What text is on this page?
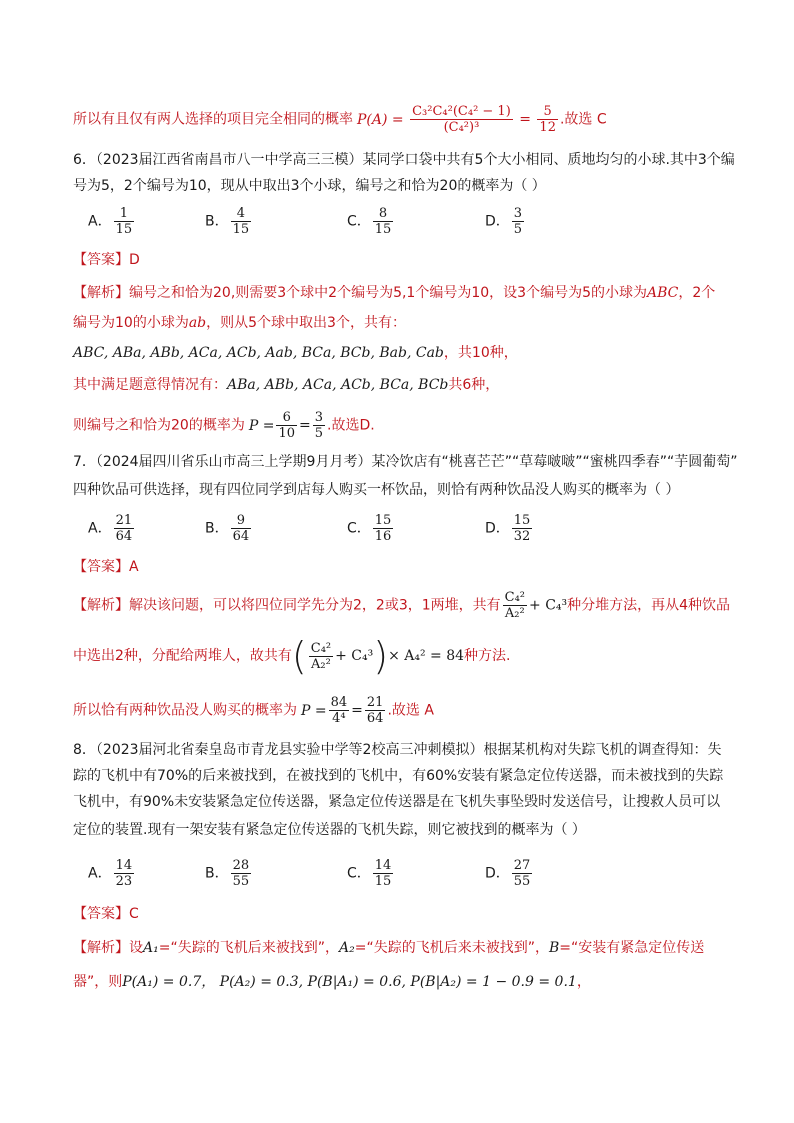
所以有且仅有两人选择的项目完全相同的概率 $P(A) = \frac{\text{C₃²C₄²(C₄² − 1)}}{\text{(C₄²)³}} = \frac{5}{12}$ .故选 C
6．（2023届江西省南昌市八一中学高三三模）某同学口袋中共有5个大小相同、质地均匀的小球.其中3个编
号为5，2个编号为10，现从中取出3个小球，编号之和恰为20的概率为（ ）
A． $\frac{1}{15}$	B． $\frac{4}{15}$	C． $\frac{8}{15}$	D． $\frac{3}{5}$
【答案】D
【解析】编号之和恰为20,则需要3个球中2个编号为5,1个编号为10，设3个编号为5的小球为ABC，2个
编号为10的小球为ab，则从5个球中取出3个，共有：
ABC, ABa, ABb, ACa, ACb, Aab, BCa, BCb, Bab, Cab，共10种，
其中满足题意得情况有：ABa, ABb, ACa, ACb, BCa, BCb共6种，
则编号之和恰为20的概率为 $P = \frac{6}{10} = \frac{3}{5}$ .故选D.
7．（2024届四川省乐山市高三上学期9月月考）某冷饮店有“桃喜芒芒”“草莓啵啵”“蜜桃四季春”“芋圆葡萄”
四种饮品可供选择，现有四位同学到店每人购买一杯饮品，则恰有两种饮品没人购买的概率为（ ）
A． $\frac{21}{64}$	B． $\frac{9}{64}$	C． $\frac{15}{16}$	D． $\frac{15}{32}$
【答案】A
【解析】解决该问题，可以将四位同学先分为2，2或3，1两堆，共有 $\frac{\text{C₄²}}{\text{A₂²}} + C_4^3$种分堆方法，再从4种饮品
中选出2种，分配给两堆人，故共有( $\frac{\text{C₄²}}{\text{A₂²}} + C_4^3)\times A_4^2 = 84$种方法.
所以恰有两种饮品没人购买的概率为 $P = \frac{84}{\text{4⁴}} = \frac{21}{64}$ .故选 A
8．（2023届河北省秦皇岛市青龙县实验中学等2校高三冲刺模拟）根据某机构对失踪飞机的调查得知：失
踪的飞机中有70%的后来被找到，在被找到的飞机中，有60%安装有紧急定位传送器，而未被找到的失踪
飞机中，有90%未安装紧急定位传送器，紧急定位传送器是在飞机失事坠毁时发送信号，让搜救人员可以
定位的装置.现有一架安装有紧急定位传送器的飞机失踪，则它被找到的概率为（ ）
A． $\frac{14}{23}$	B． $\frac{28}{55}$	C． $\frac{14}{15}$	D． $\frac{27}{55}$
【答案】C
【解析】设A₁=“失踪的飞机后来被找到”，A₂=“失踪的飞机后来未被找到”，B=“安装有紧急定位传送
器”，则P(A₁) = 0.7， P(A₂) = 0.3, P(B|A₁) = 0.6, P(B|A₂) = 1 − 0.9 = 0.1，
